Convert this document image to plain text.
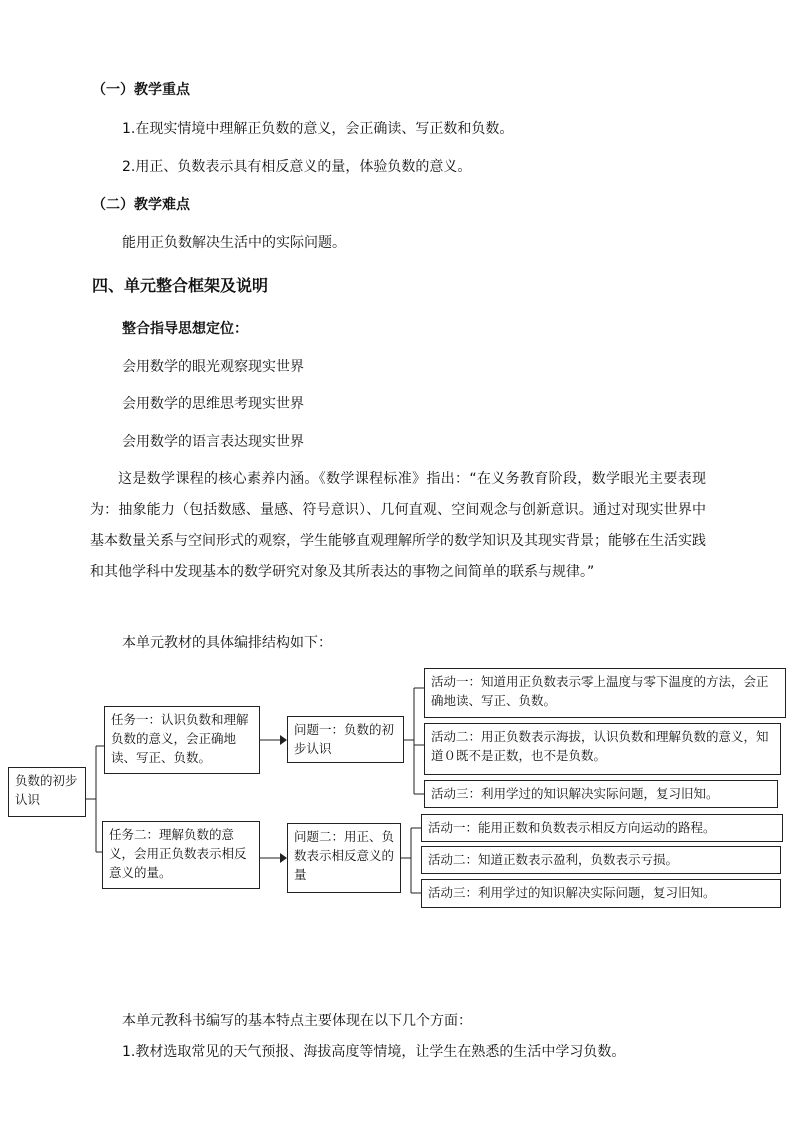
（一）教学重点
1.在现实情境中理解正负数的意义，会正确读、写正数和负数。
2.用正、负数表示具有相反意义的量，体验负数的意义。
（二）教学难点
能用正负数解决生活中的实际问题。
四、单元整合框架及说明
整合指导思想定位：
会用数学的眼光观察现实世界
会用数学的思维思考现实世界
会用数学的语言表达现实世界
这是数学课程的核心素养内涵。《数学课程标准》指出：“在义务教育阶段，数学眼光主要表现为：抽象能力（包括数感、量感、符号意识）、几何直观、空间观念与创新意识。通过对现实世界中基本数量关系与空间形式的观察，学生能够直观理解所学的数学知识及其现实背景；能够在生活实践和其他学科中发现基本的数学研究对象及其所表达的事物之间简单的联系与规律。”
本单元教材的具体编排结构如下：
负数的初步认识
任务一：认识负数和理解负数的意义，会正确地读、写正、负数。
任务二：理解负数的意义，会用正负数表示相反意义的量。
问题一：负数的初步认识
问题二：用正、负数表示相反意义的量
活动一：知道用正负数表示零上温度与零下温度的方法，会正确地读、写正、负数。
活动二：用正负数表示海拔，认识负数和理解负数的意义，知道０既不是正数，也不是负数。
活动三：利用学过的知识解决实际问题，复习旧知。
活动一：能用正数和负数表示相反方向运动的路程。
活动二：知道正数表示盈利，负数表示亏损。
活动三：利用学过的知识解决实际问题，复习旧知。
本单元教科书编写的基本特点主要体现在以下几个方面：
1.教材选取常见的天气预报、海拔高度等情境，让学生在熟悉的生活中学习负数。
